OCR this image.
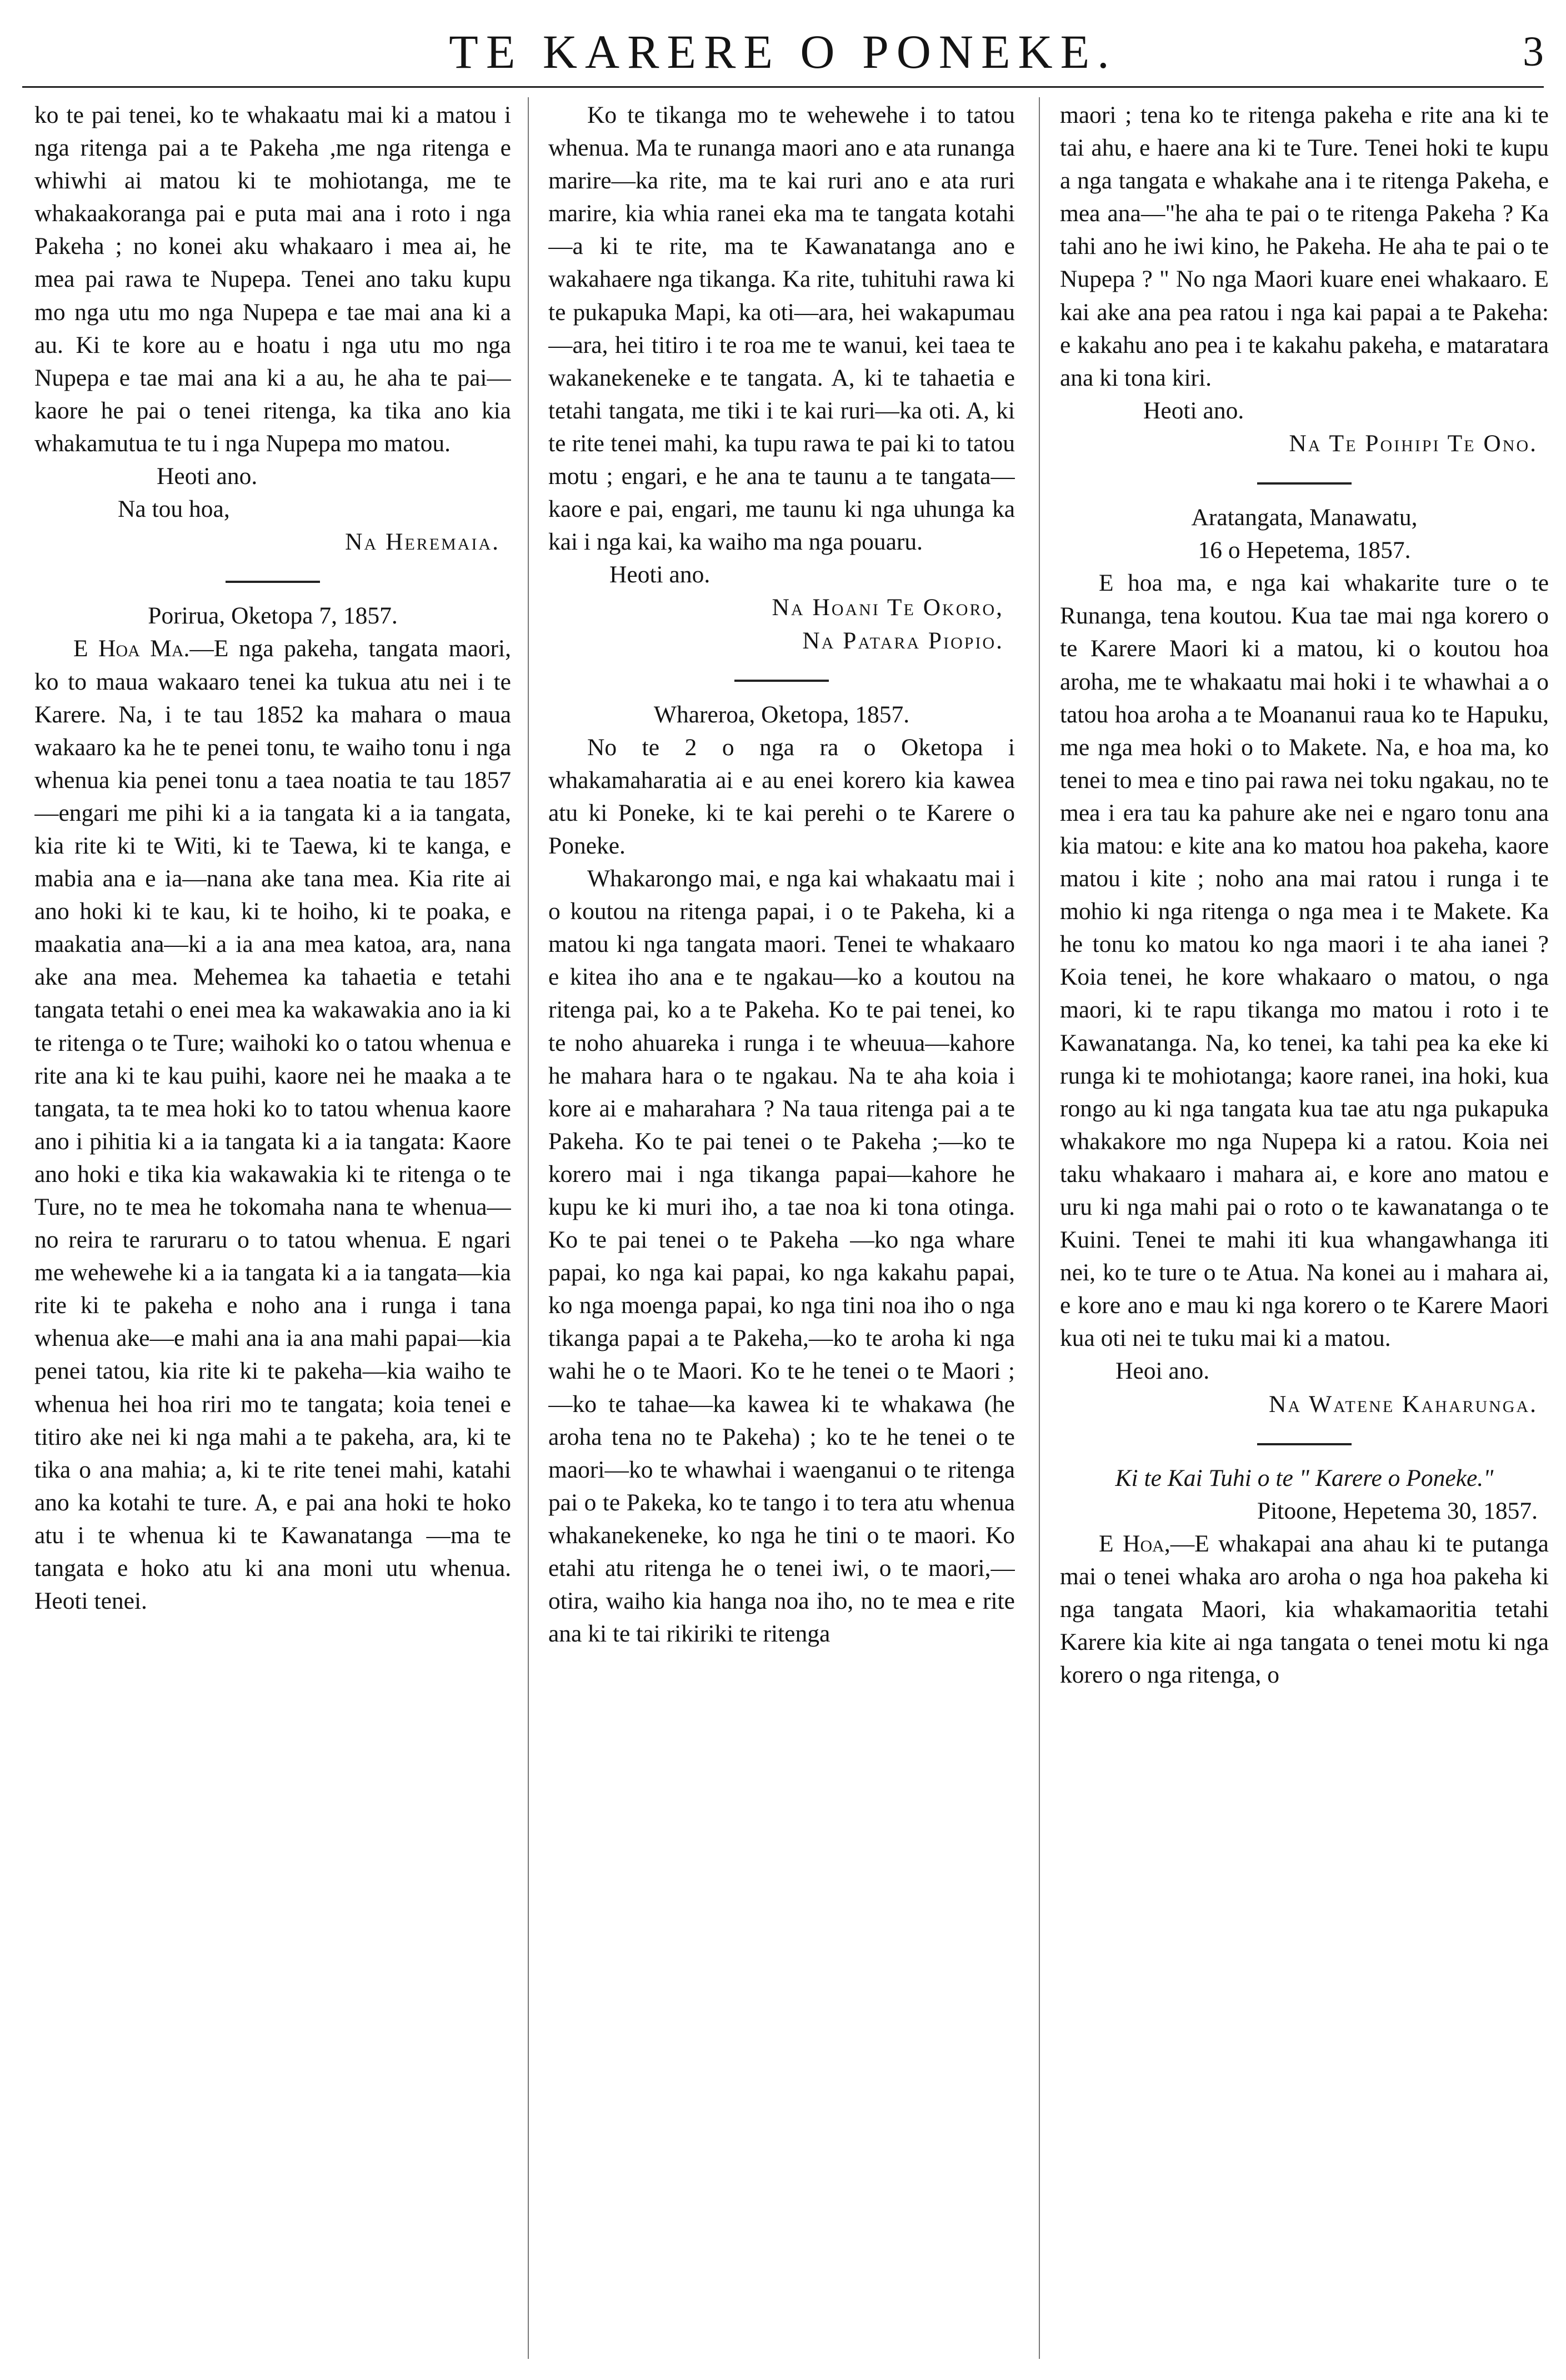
TE KARERE O PONEKE.	3

ko te pai tenei, ko te whakaatu mai ki a matou i nga ritenga pai a te Pakeha ,me nga ritenga e whiwhi ai matou ki te mohiotanga, me te whakaakoranga pai e puta mai ana i roto i nga Pakeha ; no konei aku whakaaro i mea ai, he mea pai rawa te Nupepa. Tenei ano taku kupu mo nga utu mo nga Nupepa e tae mai ana ki a au. Ki te kore au e hoatu i nga utu mo nga Nupepa e tae mai ana ki a au, he aha te pai—kaore he pai o tenei ritenga, ka tika ano kia whakamutua te tu i nga Nupepa mo matou.

Heoti ano.

Na tou hoa,

Na Heremaia.

Porirua, Oketopa 7, 1857.

E Hoa Ma.—E nga pakeha, tangata maori, ko to maua wakaaro tenei ka tukua atu nei i te Karere. Na, i te tau 1852 ka mahara o maua wakaaro ka he te penei tonu, te waiho tonu i nga whenua kia penei tonu a taea noatia te tau 1857—engari me pihi ki a ia tangata ki a ia tangata, kia rite ki te Witi, ki te Taewa, ki te kanga, e mabia ana e ia—nana ake tana mea. Kia rite ai ano hoki ki te kau, ki te hoiho, ki te poaka, e maakatia ana—ki a ia ana mea katoa, ara, nana ake ana mea. Mehemea ka tahaetia e tetahi tangata tetahi o enei mea ka wakawakia ano ia ki te ritenga o te Ture; waihoki ko o tatou whenua e rite ana ki te kau puihi, kaore nei he maaka a te tangata, ta te mea hoki ko to tatou whenua kaore ano i pihitia ki a ia tangata ki a ia tangata: Kaore ano hoki e tika kia wakawakia ki te ritenga o te Ture, no te mea he tokomaha nana te whenua—no reira te raruraru o to tatou whenua. E ngari me wehewehe ki a ia tangata ki a ia tangata—kia rite ki te pakeha e noho ana i runga i tana whenua ake—e mahi ana ia ana mahi papai—kia penei tatou, kia rite ki te pakeha—kia waiho te whenua hei hoa riri mo te tangata; koia tenei e titiro ake nei ki nga mahi a te pakeha, ara, ki te tika o ana mahia; a, ki te rite tenei mahi, katahi ano ka kotahi te ture. A, e pai ana hoki te hoko atu i te whenua ki te Kawanatanga —ma te tangata e hoko atu ki ana moni utu whenua. Heoti tenei.

Ko te tikanga mo te wehewehe i to tatou whenua. Ma te runanga maori ano e ata runanga marire—ka rite, ma te kai ruri ano e ata ruri marire, kia whia ranei eka ma te tangata kotahi—a ki te rite, ma te Kawanatanga ano e wakahaere nga tikanga. Ka rite, tuhituhi rawa ki te pukapuka Mapi, ka oti—ara, hei wakapumau—ara, hei titiro i te roa me te wanui, kei taea te wakanekeneke e te tangata. A, ki te tahaetia e tetahi tangata, me tiki i te kai ruri—ka oti. A, ki te rite tenei mahi, ka tupu rawa te pai ki to tatou motu ; engari, e he ana te taunu a te tangata—kaore e pai, engari, me taunu ki nga uhunga ka kai i nga kai, ka waiho ma nga pouaru.

Heoti ano.

Na Hoani Te Okoro,

Na Patara Piopio.

Whareroa, Oketopa, 1857.

No te 2 o nga ra o Oketopa i whakamaharatia ai e au enei korero kia kawea atu ki Poneke, ki te kai perehi o te Karere o Poneke.

Whakarongo mai, e nga kai whakaatu mai i o koutou na ritenga papai, i o te Pakeha, ki a matou ki nga tangata maori. Tenei te whakaaro e kitea iho ana e te ngakau—ko a koutou na ritenga pai, ko a te Pakeha. Ko te pai tenei, ko te noho ahuareka i runga i te wheuua—kahore he mahara hara o te ngakau. Na te aha koia i kore ai e maharahara ? Na taua ritenga pai a te Pakeha. Ko te pai tenei o te Pakeha ;—ko te korero mai i nga tikanga papai—kahore he kupu ke ki muri iho, a tae noa ki tona otinga. Ko te pai tenei o te Pakeha —ko nga whare papai, ko nga kai papai, ko nga kakahu papai, ko nga moenga papai, ko nga tini noa iho o nga tikanga papai a te Pakeha,—ko te aroha ki nga wahi he o te Maori. Ko te he tenei o te Maori ;—ko te tahae—ka kawea ki te whakawa (he aroha tena no te Pakeha) ; ko te he tenei o te maori—ko te whawhai i waenganui o te ritenga pai o te Pakeka, ko te tango i to tera atu whenua whakanekeneke, ko nga he tini o te maori. Ko etahi atu ritenga he o tenei iwi, o te maori,—otira, waiho kia hanga noa iho, no te mea e rite ana ki te tai rikiriki te ritenga

maori ; tena ko te ritenga pakeha e rite ana ki te tai ahu, e haere ana ki te Ture. Tenei hoki te kupu a nga tangata e whakahe ana i te ritenga Pakeha, e mea ana—"he aha te pai o te ritenga Pakeha ? Ka tahi ano he iwi kino, he Pakeha. He aha te pai o te Nupepa ? " No nga Maori kuare enei whakaaro. E kai ake ana pea ratou i nga kai papai a te Pakeha: e kakahu ano pea i te kakahu pakeha, e mataratara ana ki tona kiri.

Heoti ano.

Na Te Poihipi Te Ono.

Aratangata, Manawatu,

16 o Hepetema, 1857.

E hoa ma, e nga kai whakarite ture o te Runanga, tena koutou. Kua tae mai nga korero o te Karere Maori ki a matou, ki o koutou hoa aroha, me te whakaatu mai hoki i te whawhai a o tatou hoa aroha a te Moananui raua ko te Hapuku, me nga mea hoki o to Makete. Na, e hoa ma, ko tenei to mea e tino pai rawa nei toku ngakau, no te mea i era tau ka pahure ake nei e ngaro tonu ana kia matou: e kite ana ko matou hoa pakeha, kaore matou i kite ; noho ana mai ratou i runga i te mohio ki nga ritenga o nga mea i te Makete. Ka he tonu ko matou ko nga maori i te aha ianei ? Koia tenei, he kore whakaaro o matou, o nga maori, ki te rapu tikanga mo matou i roto i te Kawanatanga. Na, ko tenei, ka tahi pea ka eke ki runga ki te mohiotanga; kaore ranei, ina hoki, kua rongo au ki nga tangata kua tae atu nga pukapuka whakakore mo nga Nupepa ki a ratou. Koia nei taku whakaaro i mahara ai, e kore ano matou e uru ki nga mahi pai o roto o te kawanatanga o te Kuini. Tenei te mahi iti kua whangawhanga iti nei, ko te ture o te Atua. Na konei au i mahara ai, e kore ano e mau ki nga korero o te Karere Maori kua oti nei te tuku mai ki a matou.

Heoi ano.

Na Watene Kaharunga.

Ki te Kai Tuhi o te " Karere o Poneke."

Pitoone, Hepetema 30, 1857.

E Hoa,—E whakapai ana ahau ki te putanga mai o tenei whaka aro aroha o nga hoa pakeha ki nga tangata Maori, kia whakamaoritia tetahi Karere kia kite ai nga tangata o tenei motu ki nga korero o nga ritenga, o
